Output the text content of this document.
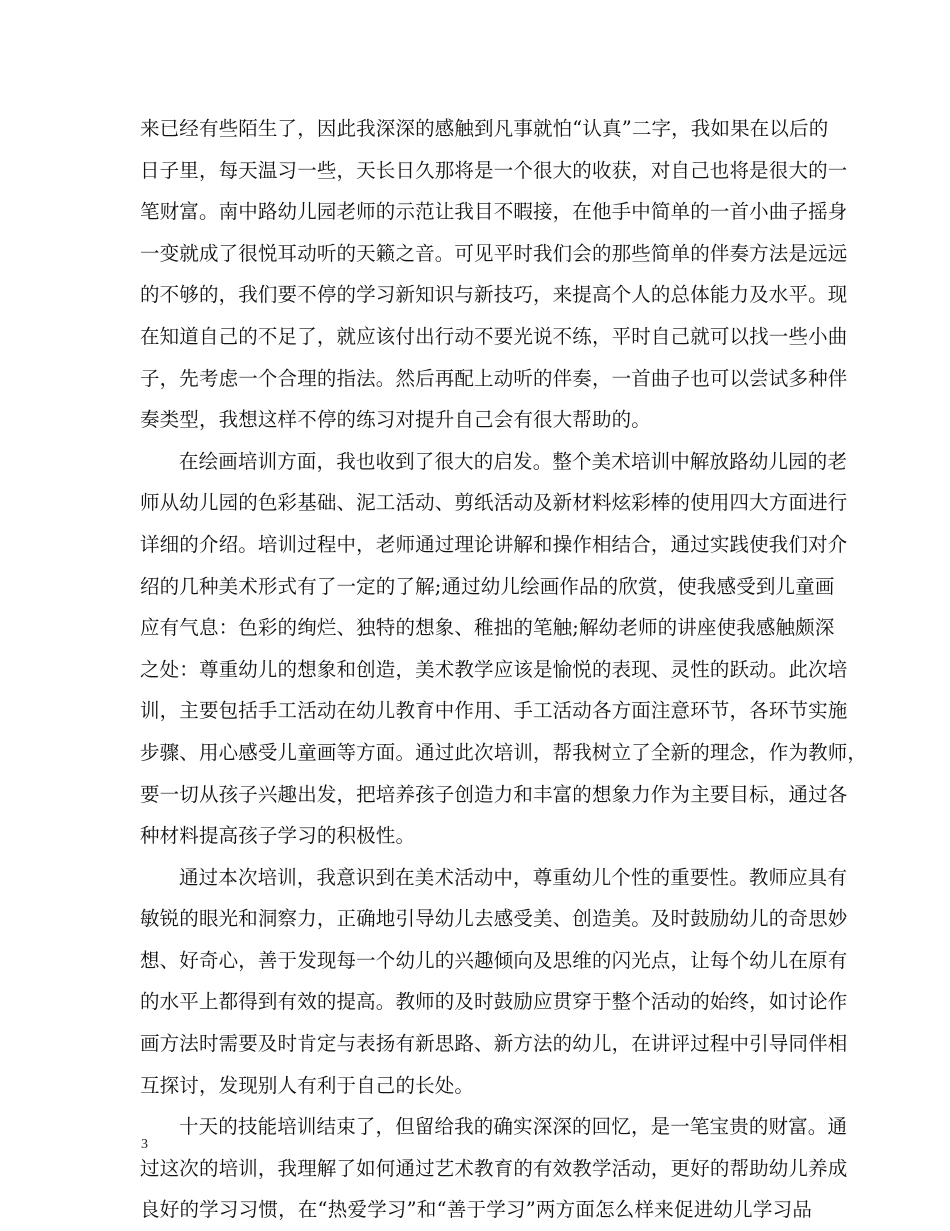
来已经有些陌生了，因此我深深的感触到凡事就怕“认真”二字，我如果在以后的
日子里，每天温习一些，天长日久那将是一个很大的收获，对自己也将是很大的一
笔财富。南中路幼儿园老师的示范让我目不暇接，在他手中简单的一首小曲子摇身
一变就成了很悦耳动听的天籁之音。可见平时我们会的那些简单的伴奏方法是远远
的不够的，我们要不停的学习新知识与新技巧，来提高个人的总体能力及水平。现
在知道自己的不足了，就应该付出行动不要光说不练，平时自己就可以找一些小曲
子，先考虑一个合理的指法。然后再配上动听的伴奏，一首曲子也可以尝试多种伴
奏类型，我想这样不停的练习对提升自己会有很大帮助的。

在绘画培训方面，我也收到了很大的启发。整个美术培训中解放路幼儿园的老
师从幼儿园的色彩基础、泥工活动、剪纸活动及新材料炫彩棒的使用四大方面进行
详细的介绍。培训过程中，老师通过理论讲解和操作相结合，通过实践使我们对介
绍的几种美术形式有了一定的了解;通过幼儿绘画作品的欣赏，使我感受到儿童画
应有气息：色彩的绚烂、独特的想象、稚拙的笔触;解幼老师的讲座使我感触颇深
之处：尊重幼儿的想象和创造，美术教学应该是愉悦的表现、灵性的跃动。此次培
训，主要包括手工活动在幼儿教育中作用、手工活动各方面注意环节，各环节实施
步骤、用心感受儿童画等方面。通过此次培训，帮我树立了全新的理念，作为教师，
要一切从孩子兴趣出发，把培养孩子创造力和丰富的想象力作为主要目标，通过各
种材料提高孩子学习的积极性。

通过本次培训，我意识到在美术活动中，尊重幼儿个性的重要性。教师应具有
敏锐的眼光和洞察力，正确地引导幼儿去感受美、创造美。及时鼓励幼儿的奇思妙
想、好奇心，善于发现每一个幼儿的兴趣倾向及思维的闪光点，让每个幼儿在原有
的水平上都得到有效的提高。教师的及时鼓励应贯穿于整个活动的始终，如讨论作
画方法时需要及时肯定与表扬有新思路、新方法的幼儿，在讲评过程中引导同伴相
互探讨，发现别人有利于自己的长处。

十天的技能培训结束了，但留给我的确实深深的回忆，是一笔宝贵的财富。通
过这次的培训，我理解了如何通过艺术教育的有效教学活动，更好的帮助幼儿养成
良好的学习习惯，在“热爱学习”和“善于学习”两方面怎么样来促进幼儿学习品

3
